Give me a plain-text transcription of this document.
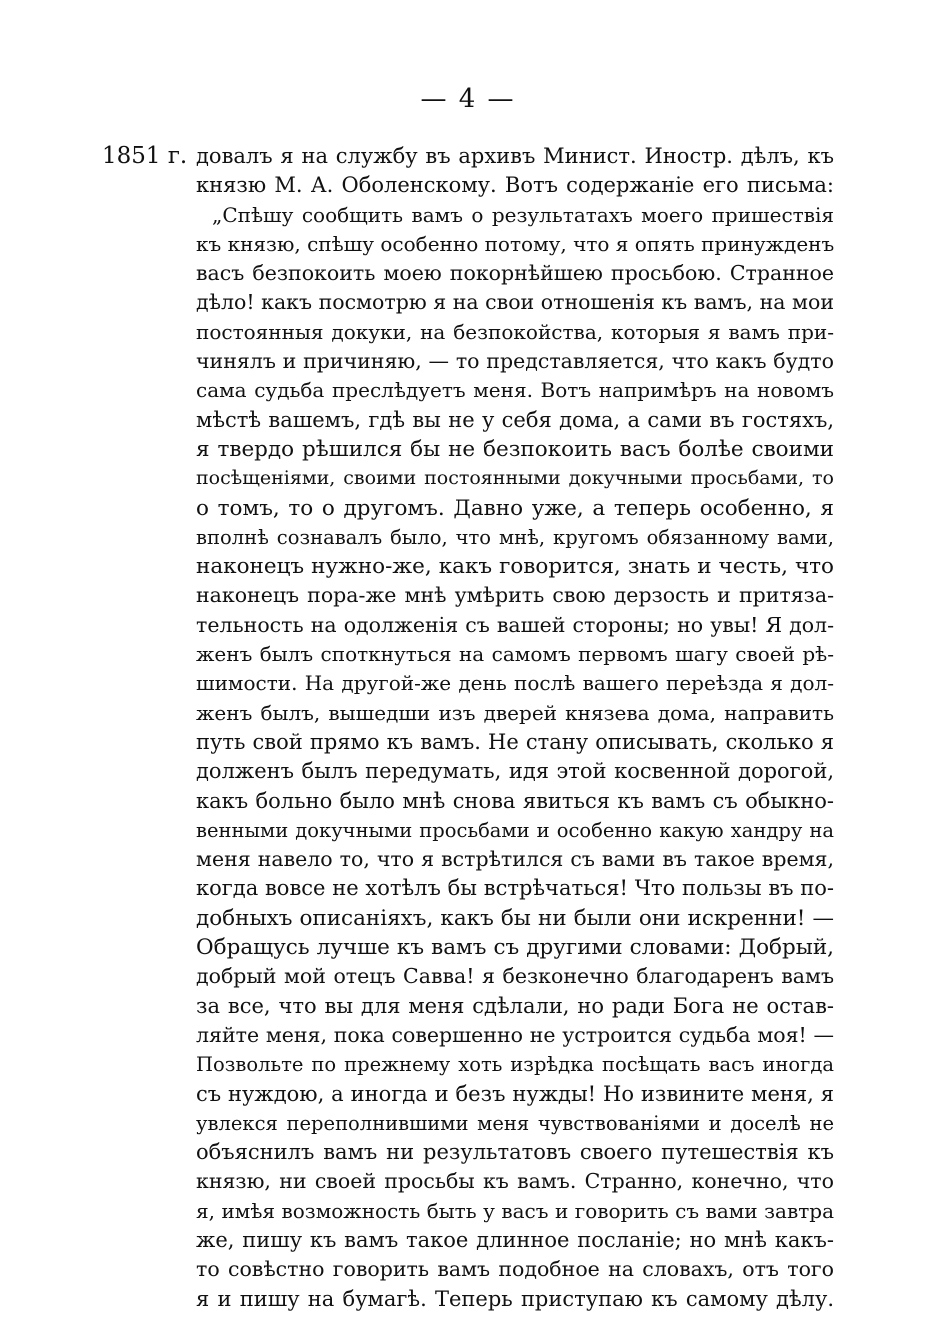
— 4 —
1851 г. довалъ я на службу въ архивъ Минист. Иностр. дѣлъ, къ
князю М. А. Оболенскому. Вотъ содержаніе его письма:
„Спѣшу сообщить вамъ о результатахъ моего пришествія
къ князю, спѣшу особенно потому, что я опять принужденъ
васъ безпокоить моею покорнѣйшею просьбою. Странное
дѣло! какъ посмотрю я на свои отношенія къ вамъ, на мои
постоянныя докуки, на безпокойства, которыя я вамъ при-
чинялъ и причиняю, — то представляется, что какъ будто
сама судьба преслѣдуетъ меня. Вотъ напримѣръ на новомъ
мѣстѣ вашемъ, гдѣ вы не у себя дома, а сами въ гостяхъ,
я твердо рѣшился бы не безпокоить васъ болѣе своими
посѣщеніями, своими постоянными докучными просьбами, то
о томъ, то о другомъ. Давно уже, а теперь особенно, я
вполнѣ сознавалъ было, что мнѣ, кругомъ обязанному вами,
наконецъ нужно-же, какъ говорится, знать и честь, что
наконецъ пора-же мнѣ умѣрить свою дерзость и притяза-
тельность на одолженія съ вашей стороны; но увы! Я дол-
женъ былъ споткнуться на самомъ первомъ шагу своей рѣ-
шимости. На другой-же день послѣ вашего переѣзда я дол-
женъ былъ, вышедши изъ дверей князева дома, направить
путь свой прямо къ вамъ. Не стану описывать, сколько я
долженъ былъ передумать, идя этой косвенной дорогой,
какъ больно было мнѣ снова явиться къ вамъ съ обыкно-
венными докучными просьбами и особенно какую хандру на
меня навело то, что я встрѣтился съ вами въ такое время,
когда вовсе не хотѣлъ бы встрѣчаться! Что пользы въ по-
добныхъ описаніяхъ, какъ бы ни были они искренни! —
Обращусь лучше къ вамъ съ другими словами: Добрый,
добрый мой отецъ Савва! я безконечно благодаренъ вамъ
за все, что вы для меня сдѣлали, но ради Бога не остав-
ляйте меня, пока совершенно не устроится судьба моя! —
Позвольте по прежнему хоть изрѣдка посѣщать васъ иногда
съ нуждою, а иногда и безъ нужды! Но извините меня, я
увлекся переполнившими меня чувствованіями и доселѣ не
объяснилъ вамъ ни результатовъ своего путешествія къ
князю, ни своей просьбы къ вамъ. Странно, конечно, что
я, имѣя возможность быть у васъ и говорить съ вами завтра
же, пишу къ вамъ такое длинное посланіе; но мнѣ какъ-
то совѣстно говорить вамъ подобное на словахъ, отъ того
я и пишу на бумагѣ. Теперь приступаю къ самому дѣлу.
